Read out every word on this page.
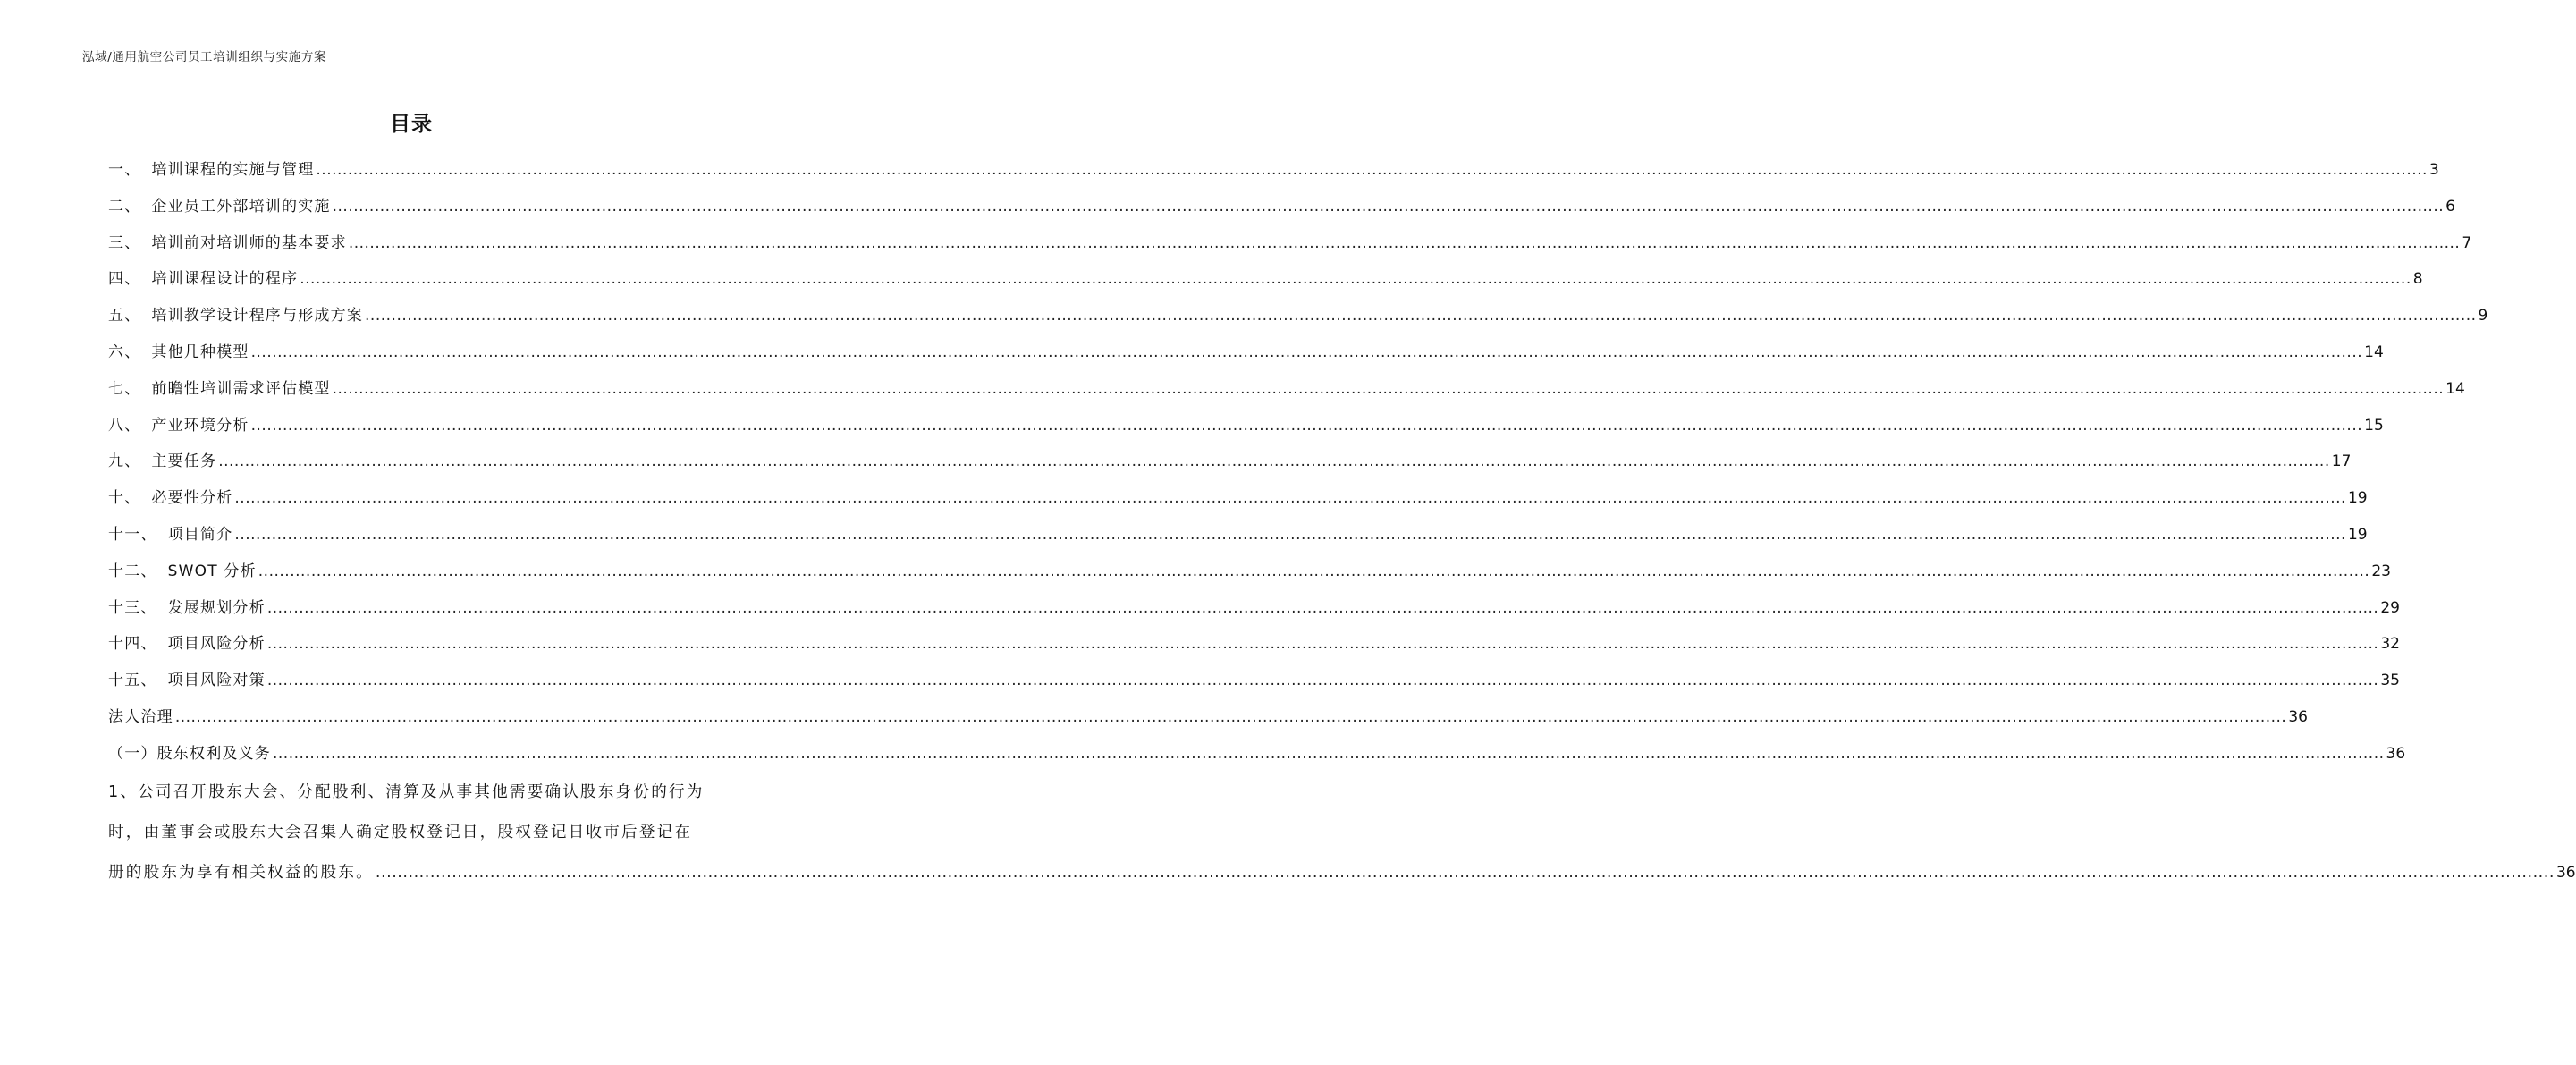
泓域/通用航空公司员工培训组织与实施方案
目录
一、 培训课程的实施与管理 ................................................................................................................................................................................................................................................................................................................................................................................................................ 3
二、 企业员工外部培训的实施 ................................................................................................................................................................................................................................................................................................................................................................................................................ 6
三、 培训前对培训师的基本要求 ................................................................................................................................................................................................................................................................................................................................................................................................................ 7
四、 培训课程设计的程序 ................................................................................................................................................................................................................................................................................................................................................................................................................ 8
五、 培训教学设计程序与形成方案 ................................................................................................................................................................................................................................................................................................................................................................................................................ 9
六、 其他几种模型 ................................................................................................................................................................................................................................................................................................................................................................................................................ 14
七、 前瞻性培训需求评估模型 ................................................................................................................................................................................................................................................................................................................................................................................................................ 14
八、 产业环境分析 ................................................................................................................................................................................................................................................................................................................................................................................................................ 15
九、 主要任务 ................................................................................................................................................................................................................................................................................................................................................................................................................ 17
十、 必要性分析 ................................................................................................................................................................................................................................................................................................................................................................................................................ 19
十一、 项目简介 ................................................................................................................................................................................................................................................................................................................................................................................................................ 19
十二、 SWOT 分析 ................................................................................................................................................................................................................................................................................................................................................................................................................ 23
十三、 发展规划分析 ................................................................................................................................................................................................................................................................................................................................................................................................................ 29
十四、 项目风险分析 ................................................................................................................................................................................................................................................................................................................................................................................................................ 32
十五、 项目风险对策 ................................................................................................................................................................................................................................................................................................................................................................................................................ 35
法人治理 ................................................................................................................................................................................................................................................................................................................................................................................................................ 36
（一）股东权利及义务 ................................................................................................................................................................................................................................................................................................................................................................................................................ 36
1、公司召开股东大会、分配股利、清算及从事其他需要确认股东身份的行为
时，由董事会或股东大会召集人确定股权登记日，股权登记日收市后登记在
册的股东为享有相关权益的股东。 ................................................................................................................................................................................................................................................................................................................................................................................................................ 36
